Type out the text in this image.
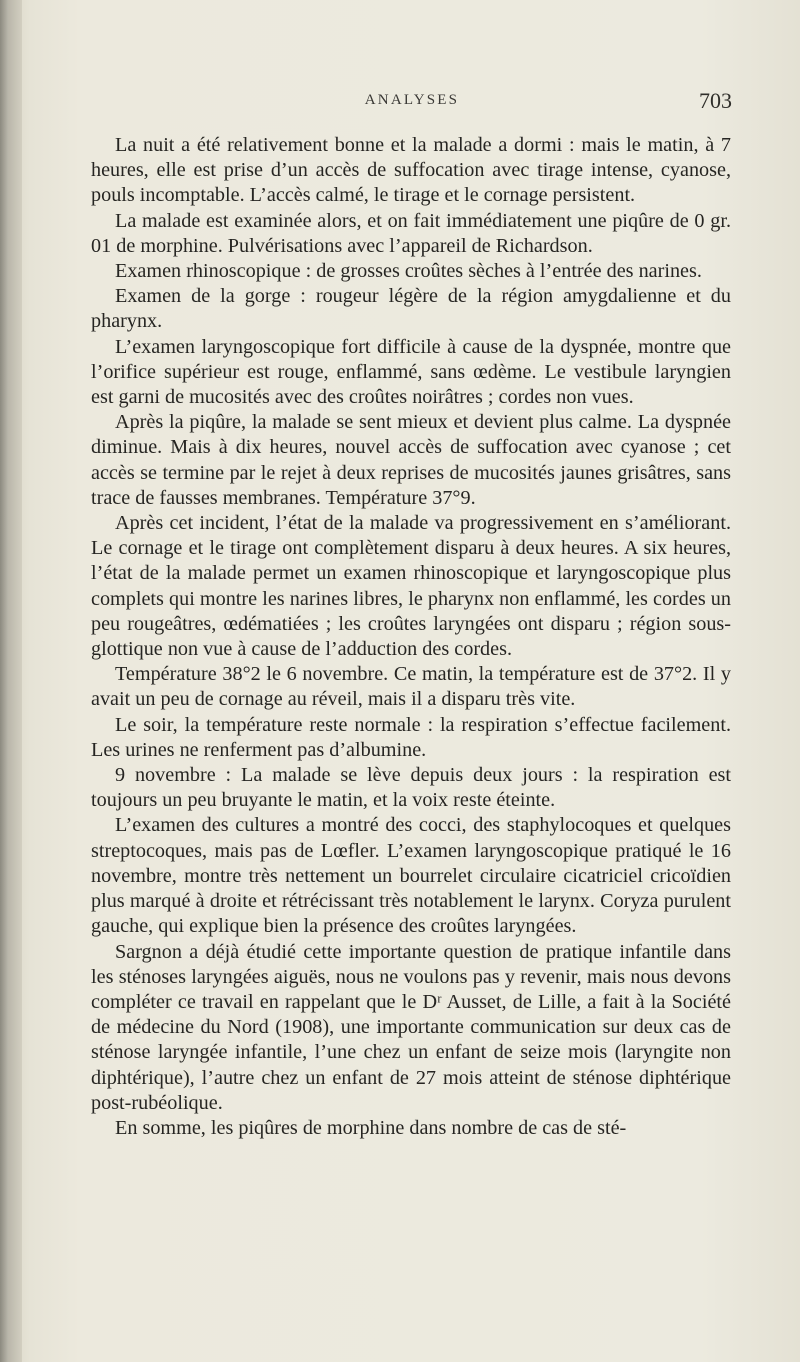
ANALYSES	703

La nuit a été relativement bonne et la malade a dormi : mais le matin, à 7 heures, elle est prise d’un accès de suffocation avec tirage intense, cyanose, pouls incomptable. L’accès calmé, le tirage et le cornage persistent.

La malade est examinée alors, et on fait immédiatement une piqûre de 0 gr. 01 de morphine. Pulvérisations avec l’appareil de Richardson.

Examen rhinoscopique : de grosses croûtes sèches à l’entrée des narines.

Examen de la gorge : rougeur légère de la région amygdalienne et du pharynx.

L’examen laryngoscopique fort difficile à cause de la dyspnée, montre que l’orifice supérieur est rouge, enflammé, sans œdème. Le vestibule laryngien est garni de mucosités avec des croûtes noirâtres ; cordes non vues.

Après la piqûre, la malade se sent mieux et devient plus calme. La dyspnée diminue. Mais à dix heures, nouvel accès de suffocation avec cyanose ; cet accès se termine par le rejet à deux reprises de mucosités jaunes grisâtres, sans trace de fausses membranes. Température 37°9.

Après cet incident, l’état de la malade va progressivement en s’améliorant. Le cornage et le tirage ont complètement disparu à deux heures. A six heures, l’état de la malade permet un examen rhinoscopique et laryngoscopique plus complets qui montre les narines libres, le pharynx non enflammé, les cordes un peu rougeâtres, œdématiées ; les croûtes laryngées ont disparu ; région sous-glottique non vue à cause de l’adduction des cordes.

Température 38°2 le 6 novembre. Ce matin, la température est de 37°2. Il y avait un peu de cornage au réveil, mais il a disparu très vite.

Le soir, la température reste normale : la respiration s’effectue facilement. Les urines ne renferment pas d’albumine.

9 novembre : La malade se lève depuis deux jours : la respiration est toujours un peu bruyante le matin, et la voix reste éteinte.

L’examen des cultures a montré des cocci, des staphylocoques et quelques streptocoques, mais pas de Lœfler. L’examen laryngoscopique pratiqué le 16 novembre, montre très nettement un bourrelet circulaire cicatriciel cricoïdien plus marqué à droite et rétrécissant très notablement le larynx. Coryza purulent gauche, qui explique bien la présence des croûtes laryngées.

Sargnon a déjà étudié cette importante question de pratique infantile dans les sténoses laryngées aiguës, nous ne voulons pas y revenir, mais nous devons compléter ce travail en rappelant que le Dʳ Ausset, de Lille, a fait à la Société de médecine du Nord (1908), une importante communication sur deux cas de sténose laryngée infantile, l’une chez un enfant de seize mois (laryngite non diphtérique), l’autre chez un enfant de 27 mois atteint de sténose diphtérique post-rubéolique.

En somme, les piqûres de morphine dans nombre de cas de sté-
